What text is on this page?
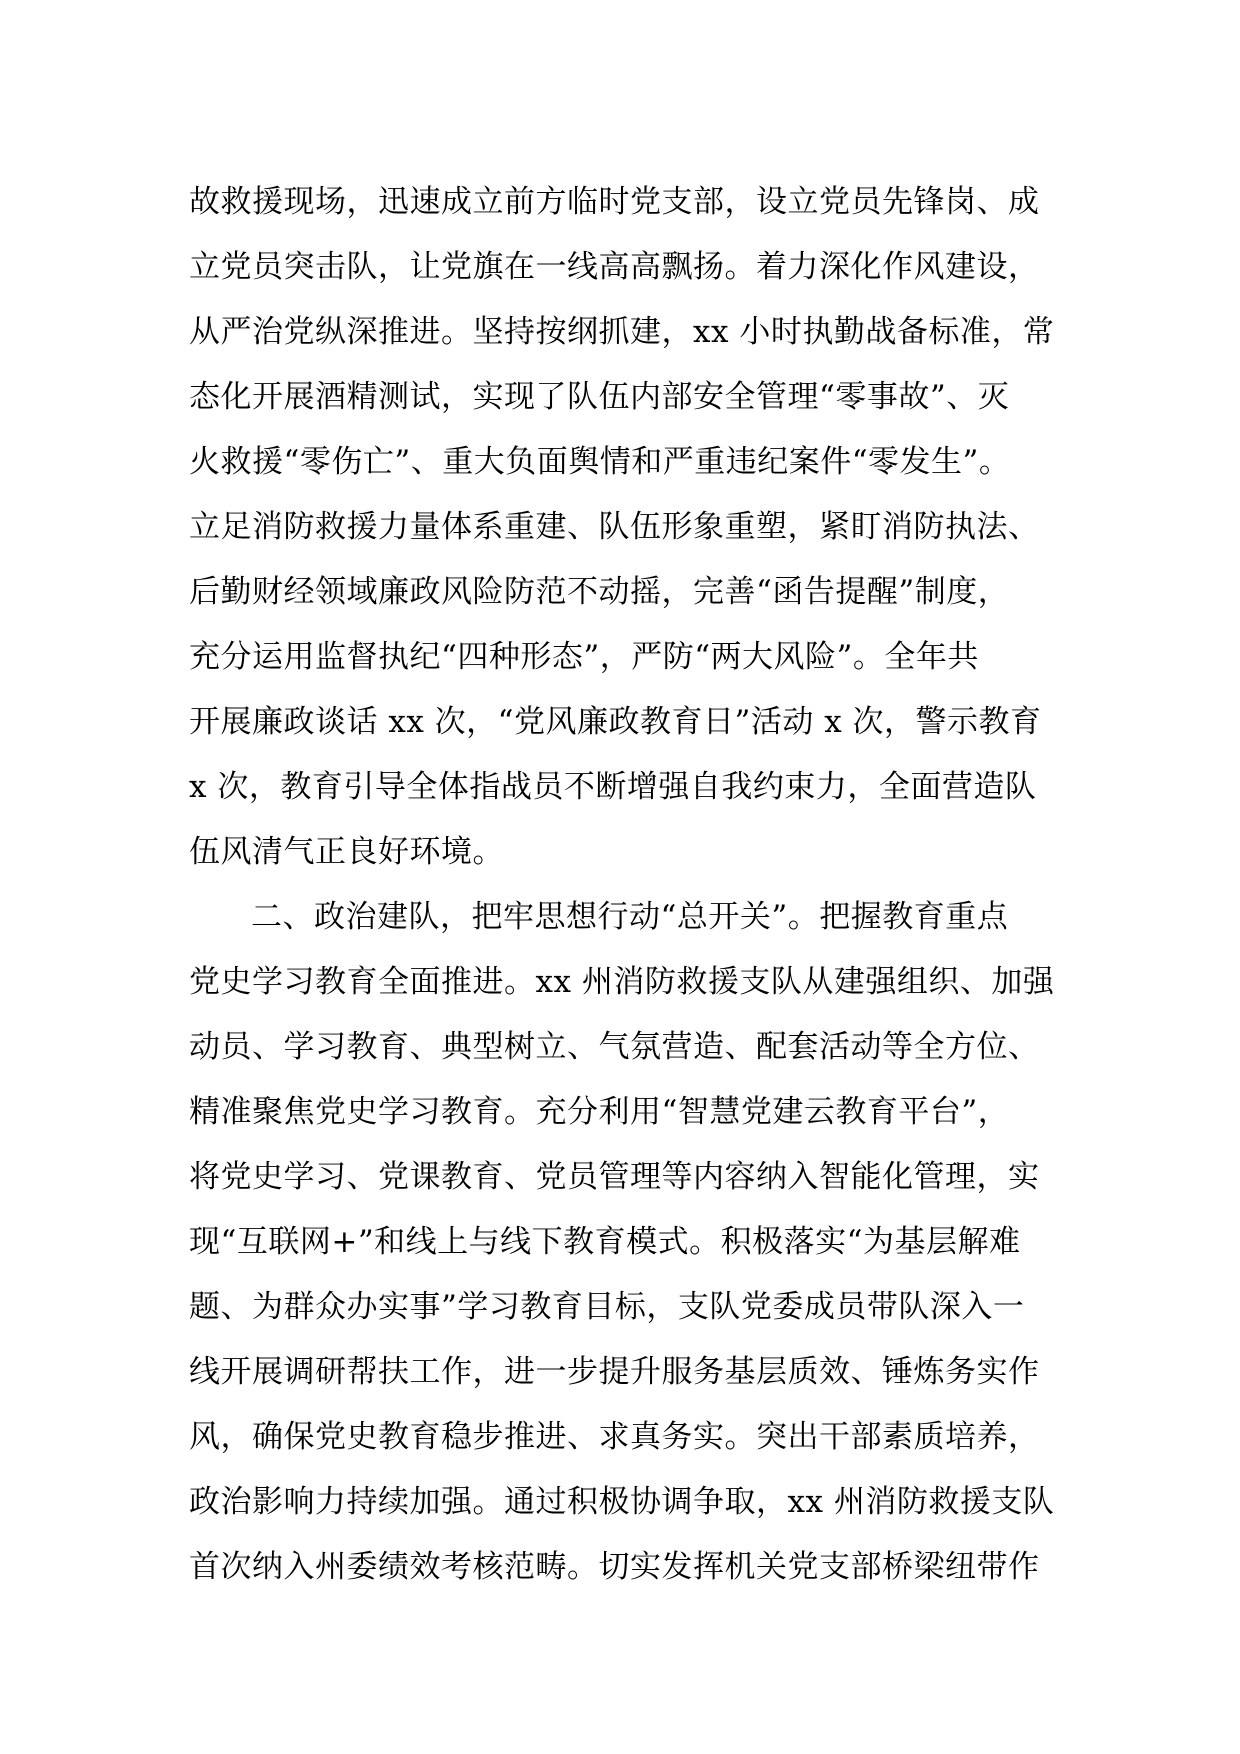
故救援现场，迅速成立前方临时党支部，设立党员先锋岗、成
立党员突击队，让党旗在一线高高飘扬。着力深化作风建设，
从严治党纵深推进。坚持按纲抓建，xx 小时执勤战备标准，常
态化开展酒精测试，实现了队伍内部安全管理“零事故”、灭
火救援“零伤亡”、重大负面舆情和严重违纪案件“零发生”。
立足消防救援力量体系重建、队伍形象重塑，紧盯消防执法、
后勤财经领域廉政风险防范不动摇，完善“函告提醒”制度，
充分运用监督执纪“四种形态”，严防“两大风险”。全年共
开展廉政谈话 xx 次，“党风廉政教育日”活动 x 次，警示教育
x 次，教育引导全体指战员不断增强自我约束力，全面营造队
伍风清气正良好环境。
二、政治建队，把牢思想行动“总开关”。把握教育重点
党史学习教育全面推进。xx 州消防救援支队从建强组织、加强
动员、学习教育、典型树立、气氛营造、配套活动等全方位、
精准聚焦党史学习教育。充分利用“智慧党建云教育平台”，
将党史学习、党课教育、党员管理等内容纳入智能化管理，实
现“互联网+”和线上与线下教育模式。积极落实“为基层解难
题、为群众办实事”学习教育目标，支队党委成员带队深入一
线开展调研帮扶工作，进一步提升服务基层质效、锤炼务实作
风，确保党史教育稳步推进、求真务实。突出干部素质培养，
政治影响力持续加强。通过积极协调争取，xx 州消防救援支队
首次纳入州委绩效考核范畴。切实发挥机关党支部桥梁纽带作
